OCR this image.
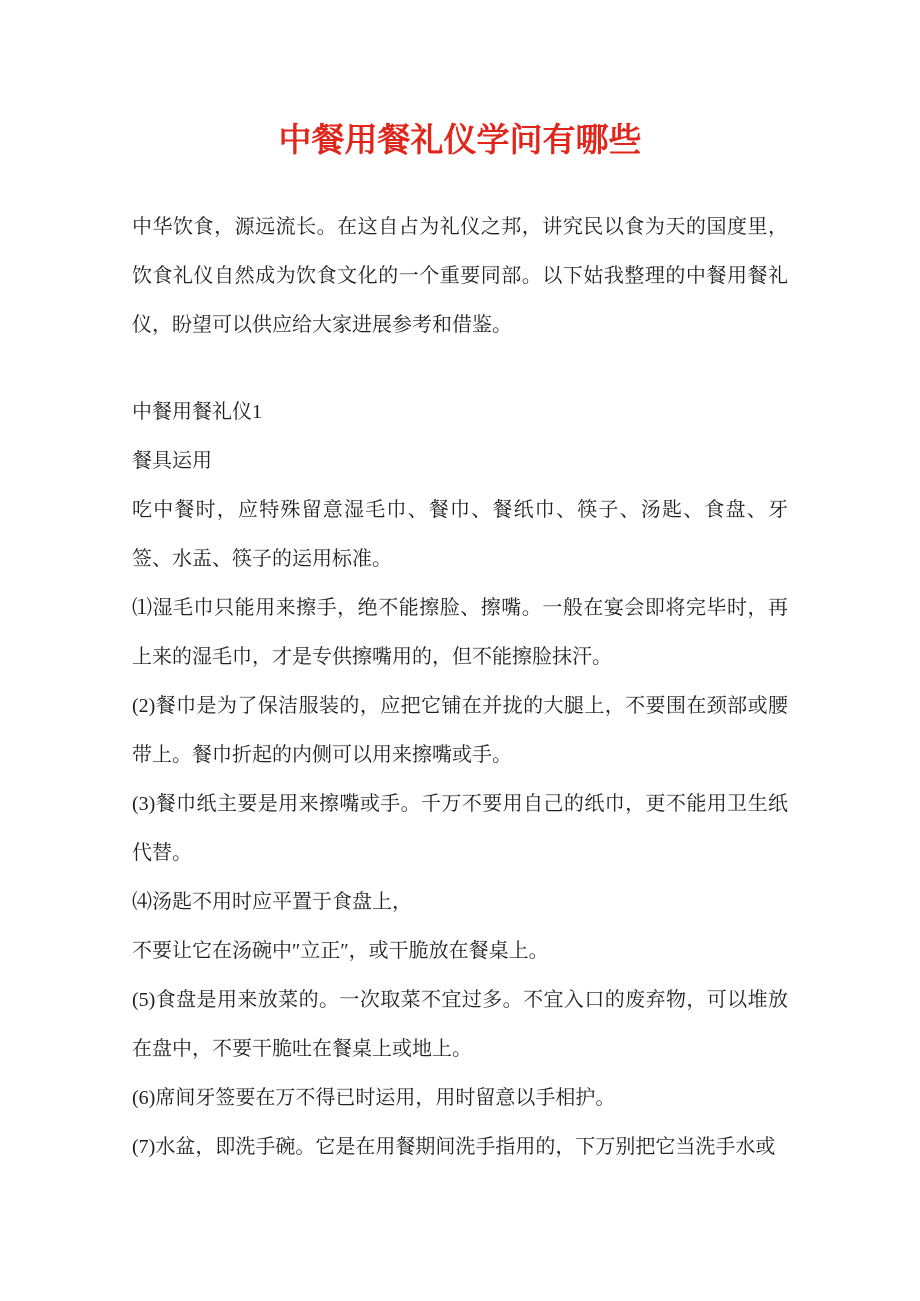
中餐用餐礼仪学问有哪些

中华饮食，源远流长。在这自占为礼仪之邦，讲究民以食为天的国度里，饮食礼仪自然成为饮食文化的一个重要同部。以下姑我整理的中餐用餐礼仪，盼望可以供应给大家进展参考和借鉴。

中餐用餐礼仪1

餐具运用

吃中餐时，应特殊留意湿毛巾、餐巾、餐纸巾、筷子、汤匙、食盘、牙签、水盂、筷子的运用标准。

⑴湿毛巾只能用来擦手，绝不能擦脸、擦嘴。一般在宴会即将完毕时，再上来的湿毛巾，才是专供擦嘴用的，但不能擦脸抹汗。

(2)餐巾是为了保洁服装的，应把它铺在并拢的大腿上，不要围在颈部或腰带上。餐巾折起的内侧可以用来擦嘴或手。

(3)餐巾纸主要是用来擦嘴或手。千万不要用自己的纸巾，更不能用卫生纸代替。

⑷汤匙不用时应平置于食盘上，

不要让它在汤碗中″立正″，或干脆放在餐桌上。

(5)食盘是用来放菜的。一次取菜不宜过多。不宜入口的废弃物，可以堆放在盘中，不要干脆吐在餐桌上或地上。

(6)席间牙签要在万不得已时运用，用时留意以手相护。

(7)水盆，即洗手碗。它是在用餐期间洗手指用的，下万别把它当洗手水或
